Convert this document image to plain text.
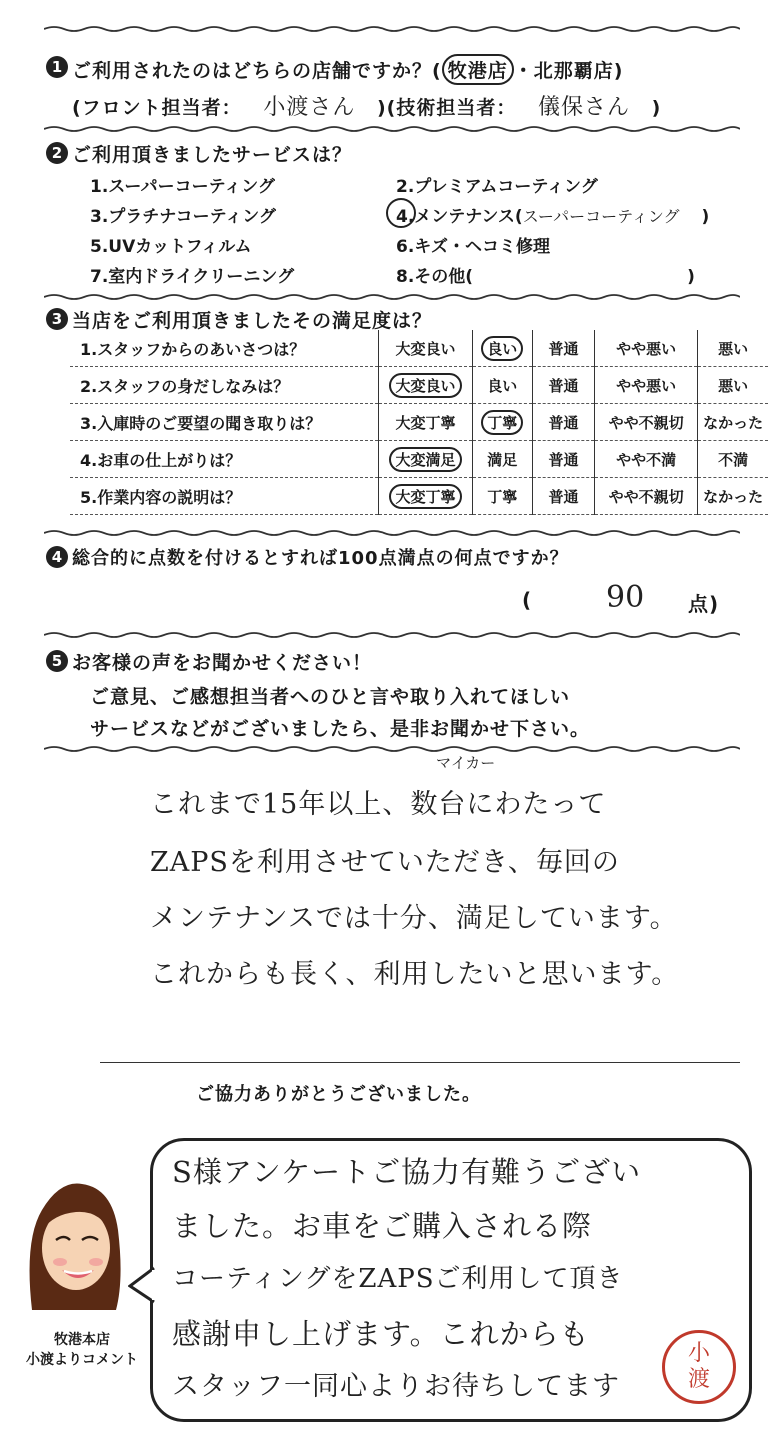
1 ご利用されたのはどちらの店舗ですか？( 牧港店 ・北那覇店)
(フロント担当者： 小渡さん )(技術担当者： 儀保さん )
2 ご利用頂きましたサービスは？
1.スーパーコーティング
3.プラチナコーティング
5.UVカットフィルム
7.室内ドライクリーニング
2.プレミアムコーティング
4.メンテナンス(スーパーコーティング )
6.キズ・ヘコミ修理
8.その他(	)
3 当店をご利用頂きましたその満足度は？
1.スタッフからのあいさつは？	大変良い	良い	普通	やや悪い	悪い
2.スタッフの身だしなみは？	大変良い	良い	普通	やや悪い	悪い
3.入庫時のご要望の聞き取りは？	大変丁寧	丁寧	普通	やや不親切	なかった
4.お車の仕上がりは？	大変満足	満足	普通	やや不満	不満
5.作業内容の説明は？	大変丁寧	丁寧	普通	やや不親切	なかった
4 総合的に点数を付けるとすれば100点満点の何点ですか？
( 90 点)
5 お客様の声をお聞かせください！
ご意見、ご感想担当者へのひと言や取り入れてほしい
サービスなどがございましたら、是非お聞かせ下さい。
マイカー
これまで15年以上、数台にわたって
ZAPSを利用させていただき、毎回の
メンテナンスでは十分、満足しています。
これからも長く、利用したいと思います。
ご協力ありがとうございました。
牧港本店
小渡よりコメント
S様アンケートご協力有難うござい
ました。お車をご購入される際
コーティングをZAPSご利用して頂き
感謝申し上げます。これからも
スタッフ一同心よりお待ちしてます
小
渡
